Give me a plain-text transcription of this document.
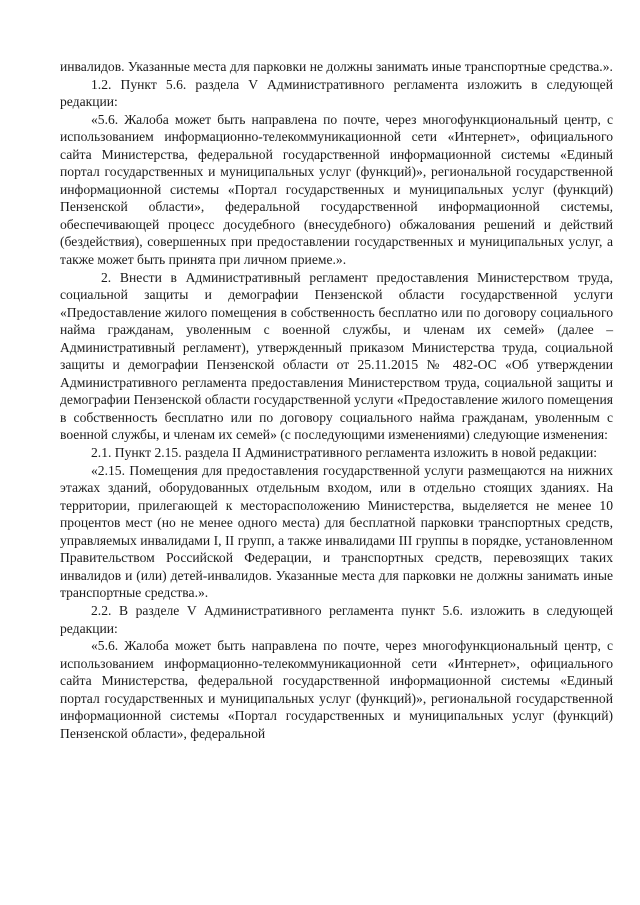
инвалидов. Указанные места для парковки не должны занимать иные транспортные средства.».

1.2. Пункт 5.6. раздела V Административного регламента изложить в следующей редакции:

«5.6. Жалоба может быть направлена по почте, через многофункциональный центр, с использованием информационно-телекоммуникационной сети «Интернет», официального сайта Министерства, федеральной государственной информационной системы «Единый портал государственных и муниципальных услуг (функций)», региональной государственной информационной системы «Портал государственных и муниципальных услуг (функций) Пензенской области», федеральной государственной информационной системы, обеспечивающей процесс досудебного (внесудебного) обжалования решений и действий (бездействия), совершенных при предоставлении государственных и муниципальных услуг, а также может быть принята при личном приеме.».

2. Внести в Административный регламент предоставления Министерством труда, социальной защиты и демографии Пензенской области государственной услуги «Предоставление жилого помещения в собственность бесплатно или по договору социального найма гражданам, уволенным с военной службы, и членам их семей» (далее – Административный регламент), утвержденный приказом Министерства труда, социальной защиты и демографии Пензенской области от 25.11.2015 № 482-ОС «Об утверждении Административного регламента предоставления Министерством труда, социальной защиты и демографии Пензенской области государственной услуги «Предоставление жилого помещения в собственность бесплатно или по договору социального найма гражданам, уволенным с военной службы, и членам их семей» (с последующими изменениями) следующие изменения:

2.1. Пункт 2.15. раздела II Административного регламента изложить в новой редакции:

«2.15. Помещения для предоставления государственной услуги размещаются на нижних этажах зданий, оборудованных отдельным входом, или в отдельно стоящих зданиях. На территории, прилегающей к месторасположению Министерства, выделяется не менее 10 процентов мест (но не менее одного места) для бесплатной парковки транспортных средств, управляемых инвалидами I, II групп, а также инвалидами III группы в порядке, установленном Правительством Российской Федерации, и транспортных средств, перевозящих таких инвалидов и (или) детей-инвалидов. Указанные места для парковки не должны занимать иные транспортные средства.».

2.2. В разделе V Административного регламента пункт 5.6. изложить в следующей редакции:

«5.6. Жалоба может быть направлена по почте, через многофункциональный центр, с использованием информационно-телекоммуникационной сети «Интернет», официального сайта Министерства, федеральной государственной информационной системы «Единый портал государственных и муниципальных услуг (функций)», региональной государственной информационной системы «Портал государственных и муниципальных услуг (функций) Пензенской области», федеральной
